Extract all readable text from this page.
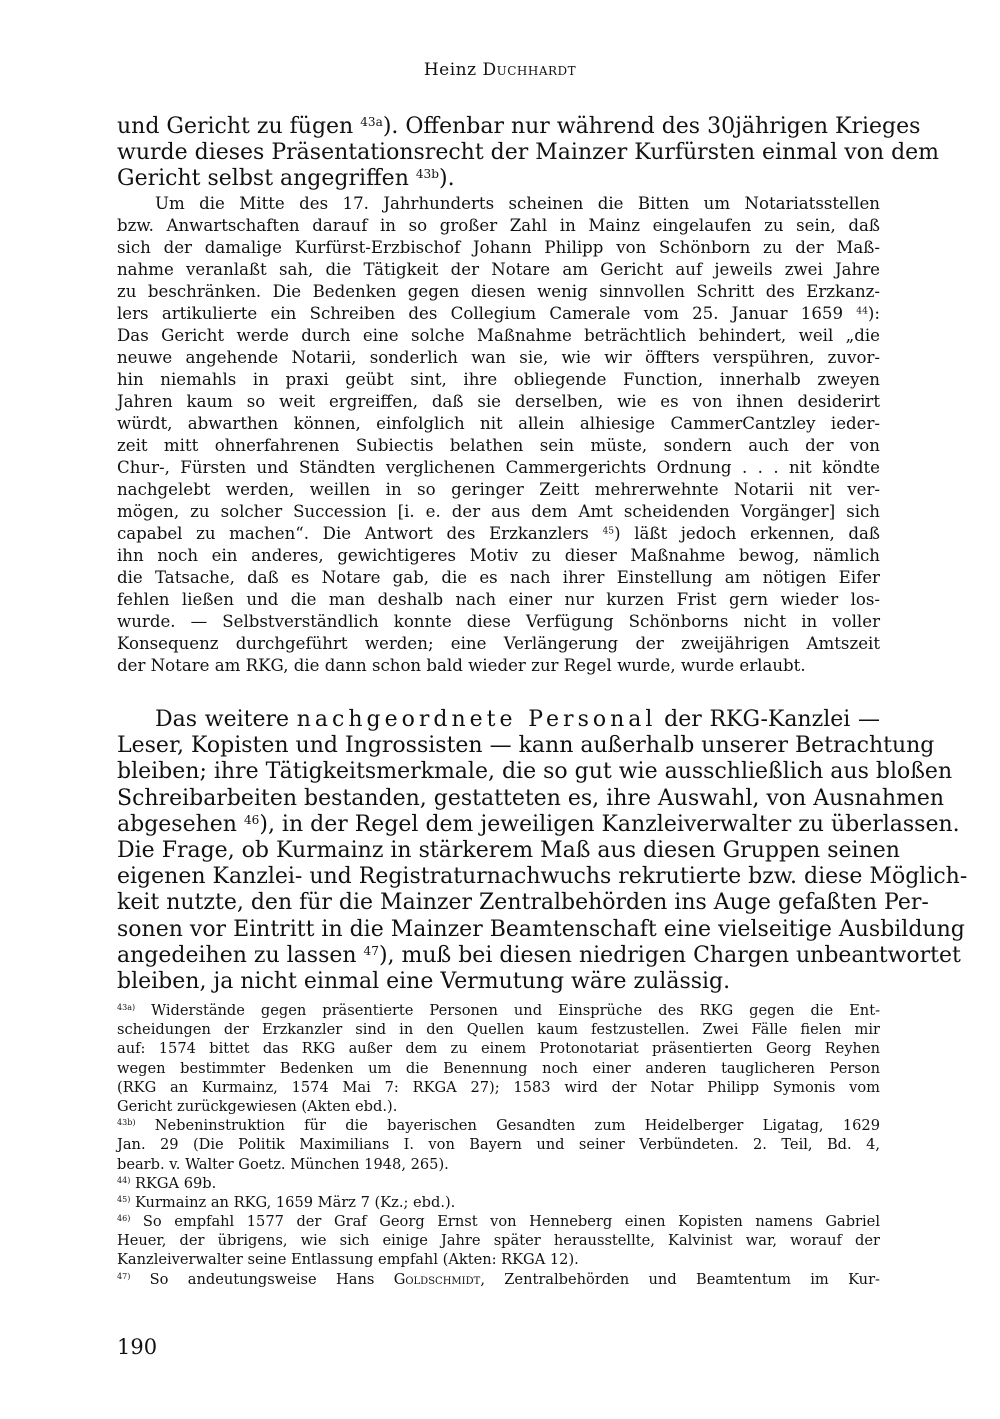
Heinz Duchhardt
und Gericht zu fügen $^{43a}$). Offenbar nur während des 30jährigen Krieges
wurde dieses Präsentationsrecht der Mainzer Kurfürsten einmal von dem
Gericht selbst angegriffen $^{43b}$).
Um die Mitte des 17. Jahrhunderts scheinen die Bitten um Notariatsstellen
bzw. Anwartschaften darauf in so großer Zahl in Mainz eingelaufen zu sein, daß
sich der damalige Kurfürst-Erzbischof Johann Philipp von Schönborn zu der Maß-
nahme veranlaßt sah, die Tätigkeit der Notare am Gericht auf jeweils zwei Jahre
zu beschränken. Die Bedenken gegen diesen wenig sinnvollen Schritt des Erzkanz-
lers artikulierte ein Schreiben des Collegium Camerale vom 25. Januar 1659 $^{44}$):
Das Gericht werde durch eine solche Maßnahme beträchtlich behindert, weil „die
neuwe angehende Notarii, sonderlich wan sie, wie wir öffters verspühren, zuvor-
hin niemahls in praxi geübt sint, ihre obliegende Function, innerhalb zweyen
Jahren kaum so weit ergreiffen, daß sie derselben, wie es von ihnen desiderirt
würdt, abwarthen können, einfolglich nit allein alhiesige CammerCantzley ieder-
zeit mitt ohnerfahrenen Subiectis belathen sein müste, sondern auch der von
Chur-, Fürsten und Ständten verglichenen Cammergerichts Ordnung . . . nit köndte
nachgelebt werden, weillen in so geringer Zeitt mehrerwehnte Notarii nit ver-
mögen, zu solcher Succession [i. e. der aus dem Amt scheidenden Vorgänger] sich
capabel zu machen“. Die Antwort des Erzkanzlers $^{45}$) läßt jedoch erkennen, daß
ihn noch ein anderes, gewichtigeres Motiv zu dieser Maßnahme bewog, nämlich
die Tatsache, daß es Notare gab, die es nach ihrer Einstellung am nötigen Eifer
fehlen ließen und die man deshalb nach einer nur kurzen Frist gern wieder los-
wurde. — Selbstverständlich konnte diese Verfügung Schönborns nicht in voller
Konsequenz durchgeführt werden; eine Verlängerung der zweijährigen Amtszeit
der Notare am RKG, die dann schon bald wieder zur Regel wurde, wurde erlaubt.
Das weitere nachgeordnete Personal der RKG-Kanzlei —
Leser, Kopisten und Ingrossisten — kann außerhalb unserer Betrachtung
bleiben; ihre Tätigkeitsmerkmale, die so gut wie ausschließlich aus bloßen
Schreibarbeiten bestanden, gestatteten es, ihre Auswahl, von Ausnahmen
abgesehen $^{46}$), in der Regel dem jeweiligen Kanzleiverwalter zu überlassen.
Die Frage, ob Kurmainz in stärkerem Maß aus diesen Gruppen seinen
eigenen Kanzlei- und Registraturnachwuchs rekrutierte bzw. diese Möglich-
keit nutzte, den für die Mainzer Zentralbehörden ins Auge gefaßten Per-
sonen vor Eintritt in die Mainzer Beamtenschaft eine vielseitige Ausbildung
angedeihen zu lassen $^{47}$), muß bei diesen niedrigen Chargen unbeantwortet
bleiben, ja nicht einmal eine Vermutung wäre zulässig.
$^{43a)}$ Widerstände gegen präsentierte Personen und Einsprüche des RKG gegen die Ent-
scheidungen der Erzkanzler sind in den Quellen kaum festzustellen. Zwei Fälle fielen mir
auf: 1574 bittet das RKG außer dem zu einem Protonotariat präsentierten Georg Reyhen
wegen bestimmter Bedenken um die Benennung noch einer anderen tauglicheren Person
(RKG an Kurmainz, 1574 Mai 7: RKGA 27); 1583 wird der Notar Philipp Symonis vom
Gericht zurückgewiesen (Akten ebd.).
$^{43b)}$ Nebeninstruktion für die bayerischen Gesandten zum Heidelberger Ligatag, 1629
Jan. 29 (Die Politik Maximilians I. von Bayern und seiner Verbündeten. 2. Teil, Bd. 4,
bearb. v. Walter Goetz. München 1948, 265).
$^{44)}$ RKGA 69b.
$^{45)}$ Kurmainz an RKG, 1659 März 7 (Kz.; ebd.).
$^{46)}$ So empfahl 1577 der Graf Georg Ernst von Henneberg einen Kopisten namens Gabriel
Heuer, der übrigens, wie sich einige Jahre später herausstellte, Kalvinist war, worauf der
Kanzleiverwalter seine Entlassung empfahl (Akten: RKGA 12).
$^{47)}$ So andeutungsweise Hans Goldschmidt, Zentralbehörden und Beamtentum im Kur-
190
